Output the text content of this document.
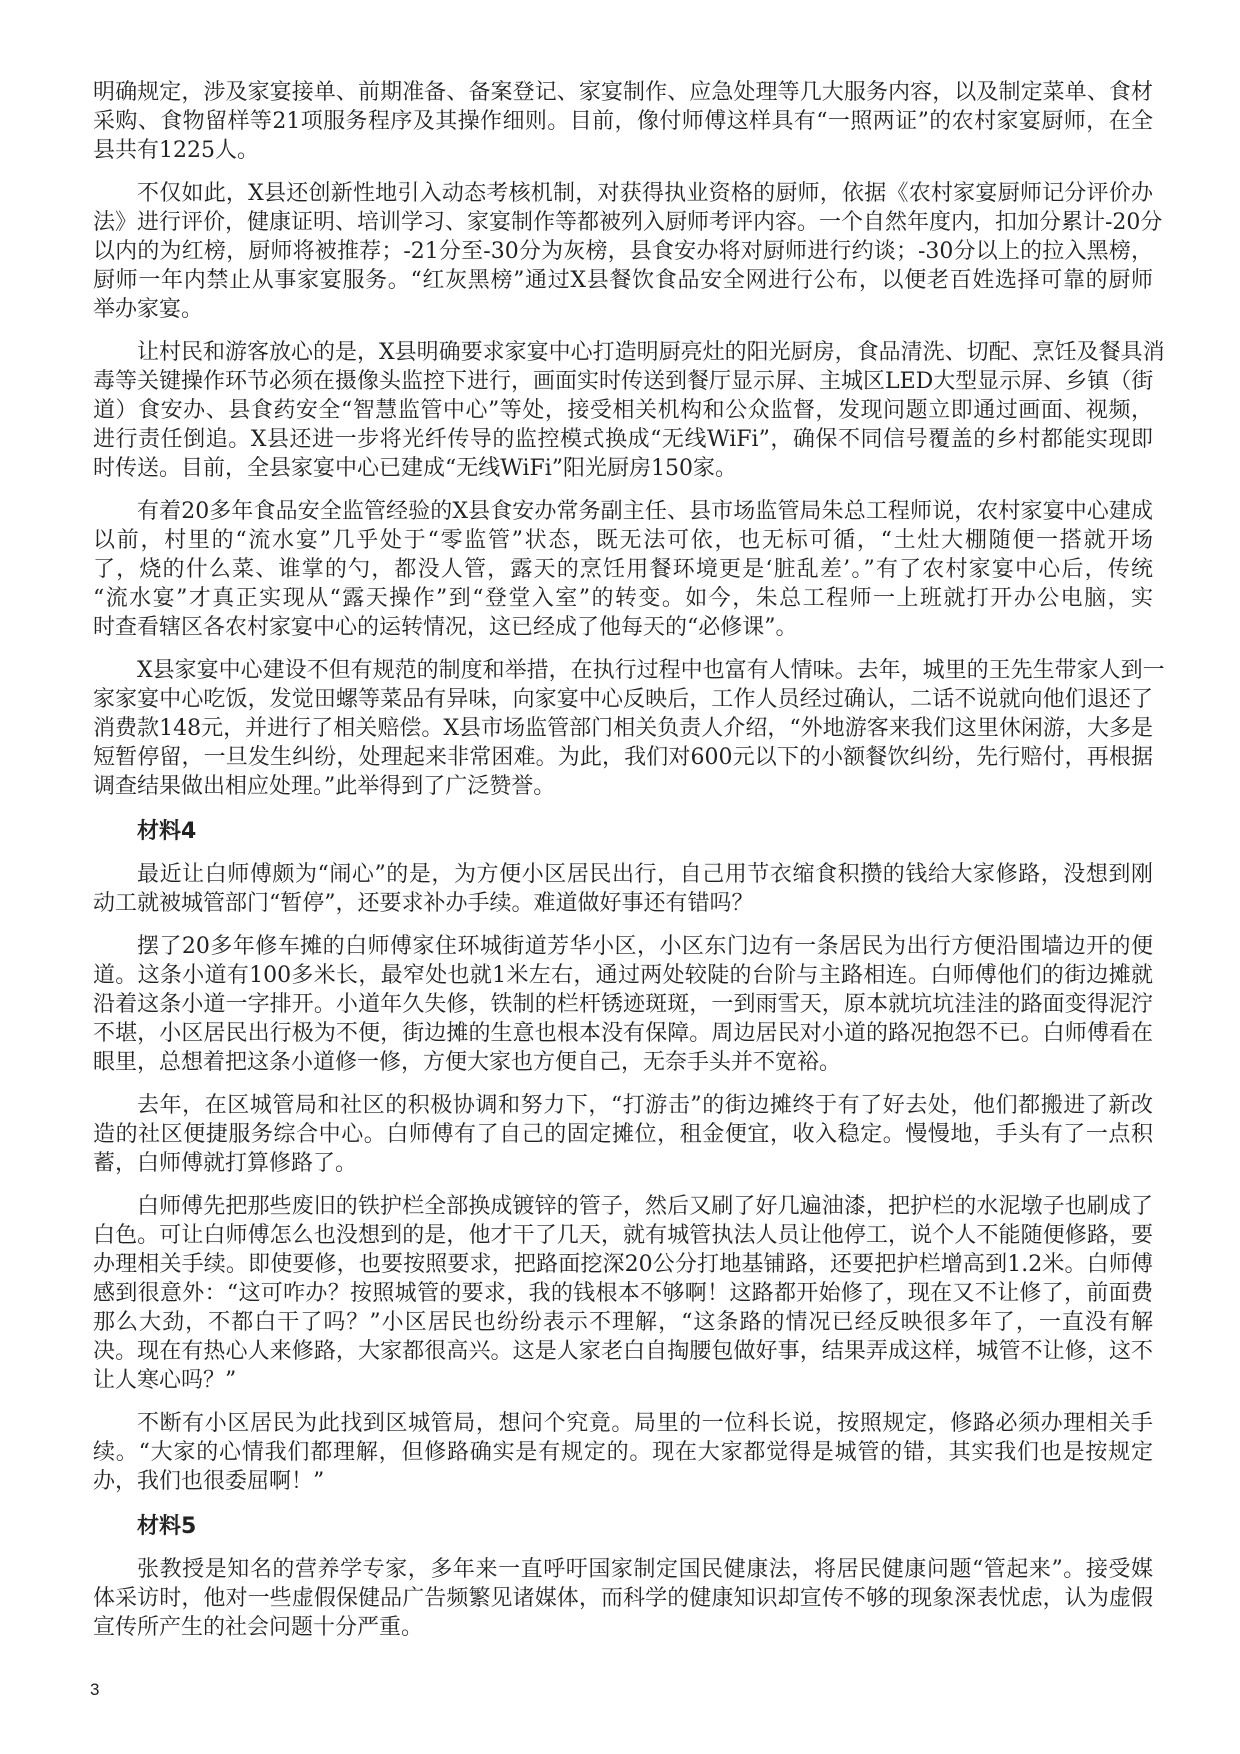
明确规定，涉及家宴接单、前期准备、备案登记、家宴制作、应急处理等几大服务内容，以及制定菜单、食材
采购、食物留样等21项服务程序及其操作细则。目前，像付师傅这样具有“一照两证”的农村家宴厨师，在全
县共有1225人。
不仅如此，X县还创新性地引入动态考核机制，对获得执业资格的厨师，依据《农村家宴厨师记分评价办
法》进行评价，健康证明、培训学习、家宴制作等都被列入厨师考评内容。一个自然年度内，扣加分累计-20分
以内的为红榜，厨师将被推荐；-21分至-30分为灰榜，县食安办将对厨师进行约谈；-30分以上的拉入黑榜，
厨师一年内禁止从事家宴服务。“红灰黑榜”通过X县餐饮食品安全网进行公布，以便老百姓选择可靠的厨师
举办家宴。
让村民和游客放心的是，X县明确要求家宴中心打造明厨亮灶的阳光厨房，食品清洗、切配、烹饪及餐具消
毒等关键操作环节必须在摄像头监控下进行，画面实时传送到餐厅显示屏、主城区LED大型显示屏、乡镇（街
道）食安办、县食药安全“智慧监管中心”等处，接受相关机构和公众监督，发现问题立即通过画面、视频，
进行责任倒追。X县还进一步将光纤传导的监控模式换成“无线WiFi”，确保不同信号覆盖的乡村都能实现即
时传送。目前，全县家宴中心已建成“无线WiFi”阳光厨房150家。
有着20多年食品安全监管经验的X县食安办常务副主任、县市场监管局朱总工程师说，农村家宴中心建成
以前，村里的“流水宴”几乎处于“零监管”状态，既无法可依，也无标可循，“土灶大棚随便一搭就开场
了，烧的什么菜、谁掌的勺，都没人管，露天的烹饪用餐环境更是‘脏乱差’。”有了农村家宴中心后，传统
“流水宴”才真正实现从“露天操作”到“登堂入室”的转变。如今，朱总工程师一上班就打开办公电脑，实
时查看辖区各农村家宴中心的运转情况，这已经成了他每天的“必修课”。
X县家宴中心建设不但有规范的制度和举措，在执行过程中也富有人情味。去年，城里的王先生带家人到一
家家宴中心吃饭，发觉田螺等菜品有异味，向家宴中心反映后，工作人员经过确认，二话不说就向他们退还了
消费款148元，并进行了相关赔偿。X县市场监管部门相关负责人介绍，“外地游客来我们这里休闲游，大多是
短暂停留，一旦发生纠纷，处理起来非常困难。为此，我们对600元以下的小额餐饮纠纷，先行赔付，再根据
调查结果做出相应处理。”此举得到了广泛赞誉。
材料4
最近让白师傅颇为“闹心”的是，为方便小区居民出行，自己用节衣缩食积攒的钱给大家修路，没想到刚
动工就被城管部门“暂停”，还要求补办手续。难道做好事还有错吗？
摆了20多年修车摊的白师傅家住环城街道芳华小区，小区东门边有一条居民为出行方便沿围墙边开的便
道。这条小道有100多米长，最窄处也就1米左右，通过两处较陡的台阶与主路相连。白师傅他们的街边摊就
沿着这条小道一字排开。小道年久失修，铁制的栏杆锈迹斑斑，一到雨雪天，原本就坑坑洼洼的路面变得泥泞
不堪，小区居民出行极为不便，街边摊的生意也根本没有保障。周边居民对小道的路况抱怨不已。白师傅看在
眼里，总想着把这条小道修一修，方便大家也方便自己，无奈手头并不宽裕。
去年，在区城管局和社区的积极协调和努力下，“打游击”的街边摊终于有了好去处，他们都搬进了新改
造的社区便捷服务综合中心。白师傅有了自己的固定摊位，租金便宜，收入稳定。慢慢地，手头有了一点积
蓄，白师傅就打算修路了。
白师傅先把那些废旧的铁护栏全部换成镀锌的管子，然后又刷了好几遍油漆，把护栏的水泥墩子也刷成了
白色。可让白师傅怎么也没想到的是，他才干了几天，就有城管执法人员让他停工，说个人不能随便修路，要
办理相关手续。即使要修，也要按照要求，把路面挖深20公分打地基铺路，还要把护栏增高到1.2米。白师傅
感到很意外：“这可咋办？按照城管的要求，我的钱根本不够啊！这路都开始修了，现在又不让修了，前面费
那么大劲，不都白干了吗？”小区居民也纷纷表示不理解，“这条路的情况已经反映很多年了，一直没有解
决。现在有热心人来修路，大家都很高兴。这是人家老白自掏腰包做好事，结果弄成这样，城管不让修，这不
让人寒心吗？”
不断有小区居民为此找到区城管局，想问个究竟。局里的一位科长说，按照规定，修路必须办理相关手
续。“大家的心情我们都理解，但修路确实是有规定的。现在大家都觉得是城管的错，其实我们也是按规定
办，我们也很委屈啊！”
材料5
张教授是知名的营养学专家，多年来一直呼吁国家制定国民健康法，将居民健康问题“管起来”。接受媒
体采访时，他对一些虚假保健品广告频繁见诸媒体，而科学的健康知识却宣传不够的现象深表忧虑，认为虚假
宣传所产生的社会问题十分严重。
3
